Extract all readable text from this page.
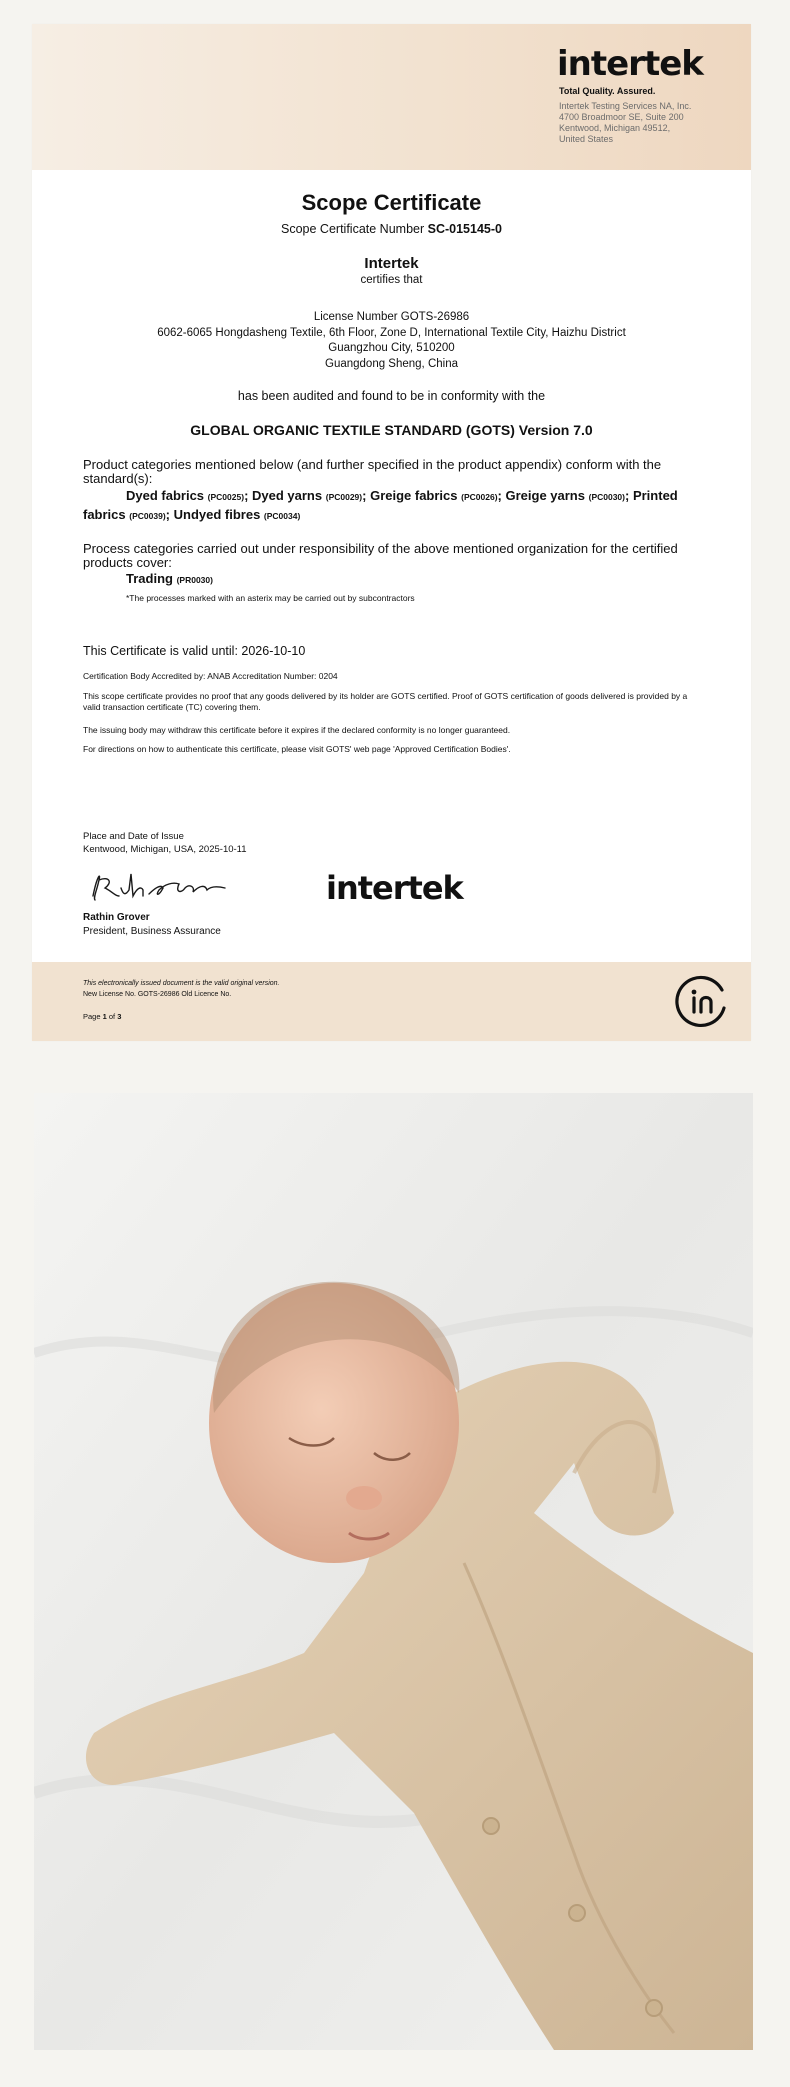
intertek
Total Quality. Assured.
Intertek Testing Services NA, Inc.
4700 Broadmoor SE, Suite 200
Kentwood, Michigan 49512,
United States
Scope Certificate
Scope Certificate Number SC-015145-0
Intertek
certifies that
License Number GOTS-26986
6062-6065 Hongdasheng Textile, 6th Floor, Zone D, International Textile City, Haizhu District
Guangzhou City, 510200
Guangdong Sheng, China
has been audited and found to be in conformity with the
GLOBAL ORGANIC TEXTILE STANDARD (GOTS) Version 7.0
Product categories mentioned below (and further specified in the product appendix) conform with the standard(s):
Dyed fabrics (PC0025); Dyed yarns (PC0029); Greige fabrics (PC0026); Greige yarns (PC0030); Printed fabrics (PC0039); Undyed fibres (PC0034)
Process categories carried out under responsibility of the above mentioned organization for the certified products cover:
Trading (PR0030)
*The processes marked with an asterix may be carried out by subcontractors
This Certificate is valid until: 2026-10-10
Certification Body Accredited by: ANAB Accreditation Number: 0204
This scope certificate provides no proof that any goods delivered by its holder are GOTS certified. Proof of GOTS certification of goods delivered is provided by a valid transaction certificate (TC) covering them.
The issuing body may withdraw this certificate before it expires if the declared conformity is no longer guaranteed.
For directions on how to authenticate this certificate, please visit GOTS' web page 'Approved Certification Bodies'.
Place and Date of Issue
Kentwood, Michigan, USA, 2025-10-11
Rathin Grover
President, Business Assurance
intertek
This electronically issued document is the valid original version.
New License No. GOTS-26986 Old Licence No.
Page 1 of 3
